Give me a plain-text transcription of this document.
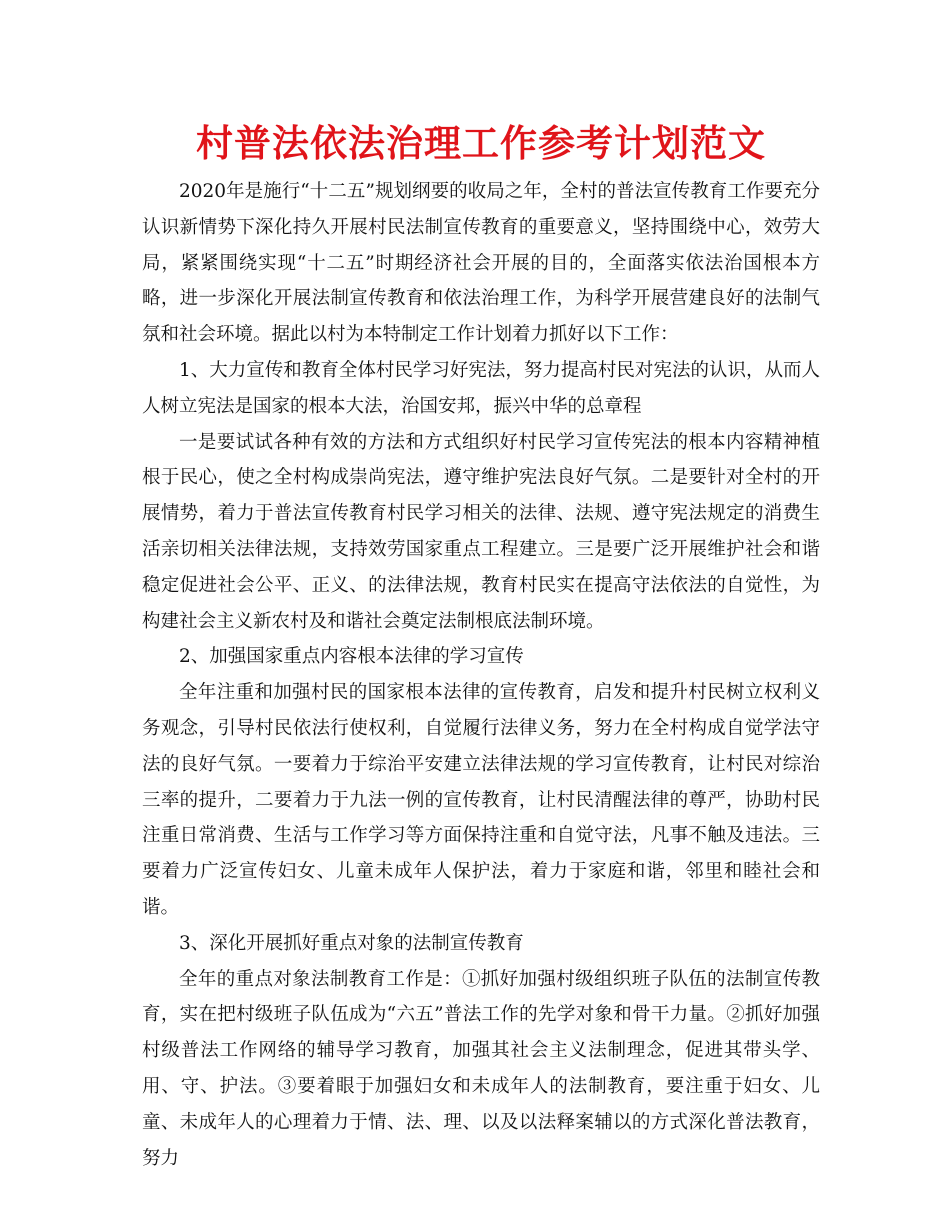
村普法依法治理工作参考计划范文

2020年是施行“十二五”规划纲要的收局之年，全村的普法宣传教育工作要充分认识新情势下深化持久开展村民法制宣传教育的重要意义，坚持围绕中心，效劳大局，紧紧围绕实现“十二五”时期经济社会开展的目的，全面落实依法治国根本方略，进一步深化开展法制宣传教育和依法治理工作，为科学开展营建良好的法制气氛和社会环境。据此以村为本特制定工作计划着力抓好以下工作：

1、大力宣传和教育全体村民学习好宪法，努力提高村民对宪法的认识，从而人人树立宪法是国家的根本大法，治国安邦，振兴中华的总章程

一是要试试各种有效的方法和方式组织好村民学习宣传宪法的根本内容精神植根于民心，使之全村构成崇尚宪法，遵守维护宪法良好气氛。二是要针对全村的开展情势，着力于普法宣传教育村民学习相关的法律、法规、遵守宪法规定的消费生活亲切相关法律法规，支持效劳国家重点工程建立。三是要广泛开展维护社会和谐稳定促进社会公平、正义、的法律法规，教育村民实在提高守法依法的自觉性，为构建社会主义新农村及和谐社会奠定法制根底法制环境。

2、加强国家重点内容根本法律的学习宣传

全年注重和加强村民的国家根本法律的宣传教育，启发和提升村民树立权利义务观念，引导村民依法行使权利，自觉履行法律义务，努力在全村构成自觉学法守法的良好气氛。一要着力于综治平安建立法律法规的学习宣传教育，让村民对综治三率的提升，二要着力于九法一例的宣传教育，让村民清醒法律的尊严，协助村民注重日常消费、生活与工作学习等方面保持注重和自觉守法，凡事不触及违法。三要着力广泛宣传妇女、儿童未成年人保护法，着力于家庭和谐，邻里和睦社会和谐。

3、深化开展抓好重点对象的法制宣传教育

全年的重点对象法制教育工作是：①抓好加强村级组织班子队伍的法制宣传教育，实在把村级班子队伍成为“六五”普法工作的先学对象和骨干力量。②抓好加强村级普法工作网络的辅导学习教育，加强其社会主义法制理念，促进其带头学、用、守、护法。③要着眼于加强妇女和未成年人的法制教育，要注重于妇女、儿童、未成年人的心理着力于情、法、理、以及以法释案辅以的方式深化普法教育，努力
